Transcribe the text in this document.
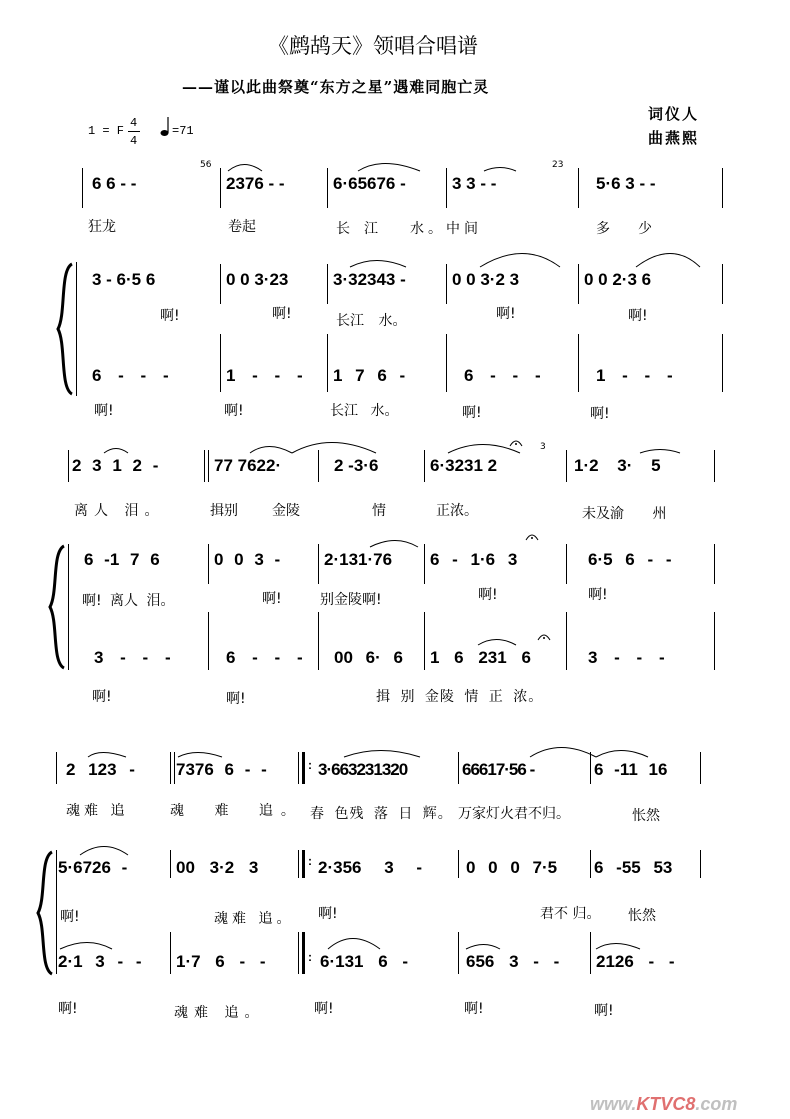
《鹧鸪天》领唱合唱谱
——谨以此曲祭奠“东方之星”遇难同胞亡灵
词仪人
曲燕熙
1 = F
4
4
=71
6 6 - -
56
2376 - -	6·65676 -	3 3 - -
23
5·6 3 - -
狂龙	卷起	长江 水。中间	多少
3 - 6·5 6	0 0 3·23	3·32343 -	0 0 3·2 3	0 0 2·3 6
啊!	啊!	长江 水。	啊!	啊!
6 - - -	1 - - - 1 7 6 -	6 - - -	1 - - -
啊!	啊!	长江 水。	啊!	啊!
2 3 1 2 -	77 7622·	2 -3·6	6·3231 2
3
1·2 3· 5
离人 泪。	揖别 金陵	情	正浓。	未及渝 州
6 -1 7 6	0 0 3 -	2·131·76 6 - 1·6 3	6·5 6 - -
啊! 离人 泪。	啊!	别金陵啊!	啊!	啊!
3 - - -	6 - - - 00 6· 6 1 6 231 6	3 - - -
啊!	啊!	揖 别 金陵 情 正 浓。
2 123 - 7376 6 - -	: 3·663231320	66617·56 -	6 -11 16
魂难 追	魂 难 追。 春 色残 落 日 辉。 万家灯火君不归。	怅然
5·6726 -	00 3·2 3	: 2·356 3 -	0 0 0 7·5 6 -55 53
啊!	魂难 追。 啊!	君不 归。 怅然
2·1 3 - - 1·7 6 - -	: 6·131 6 -	656 3 - - 2126 - -
啊!	魂难 追。	啊!	啊!	啊!
www.KTVC8.com
